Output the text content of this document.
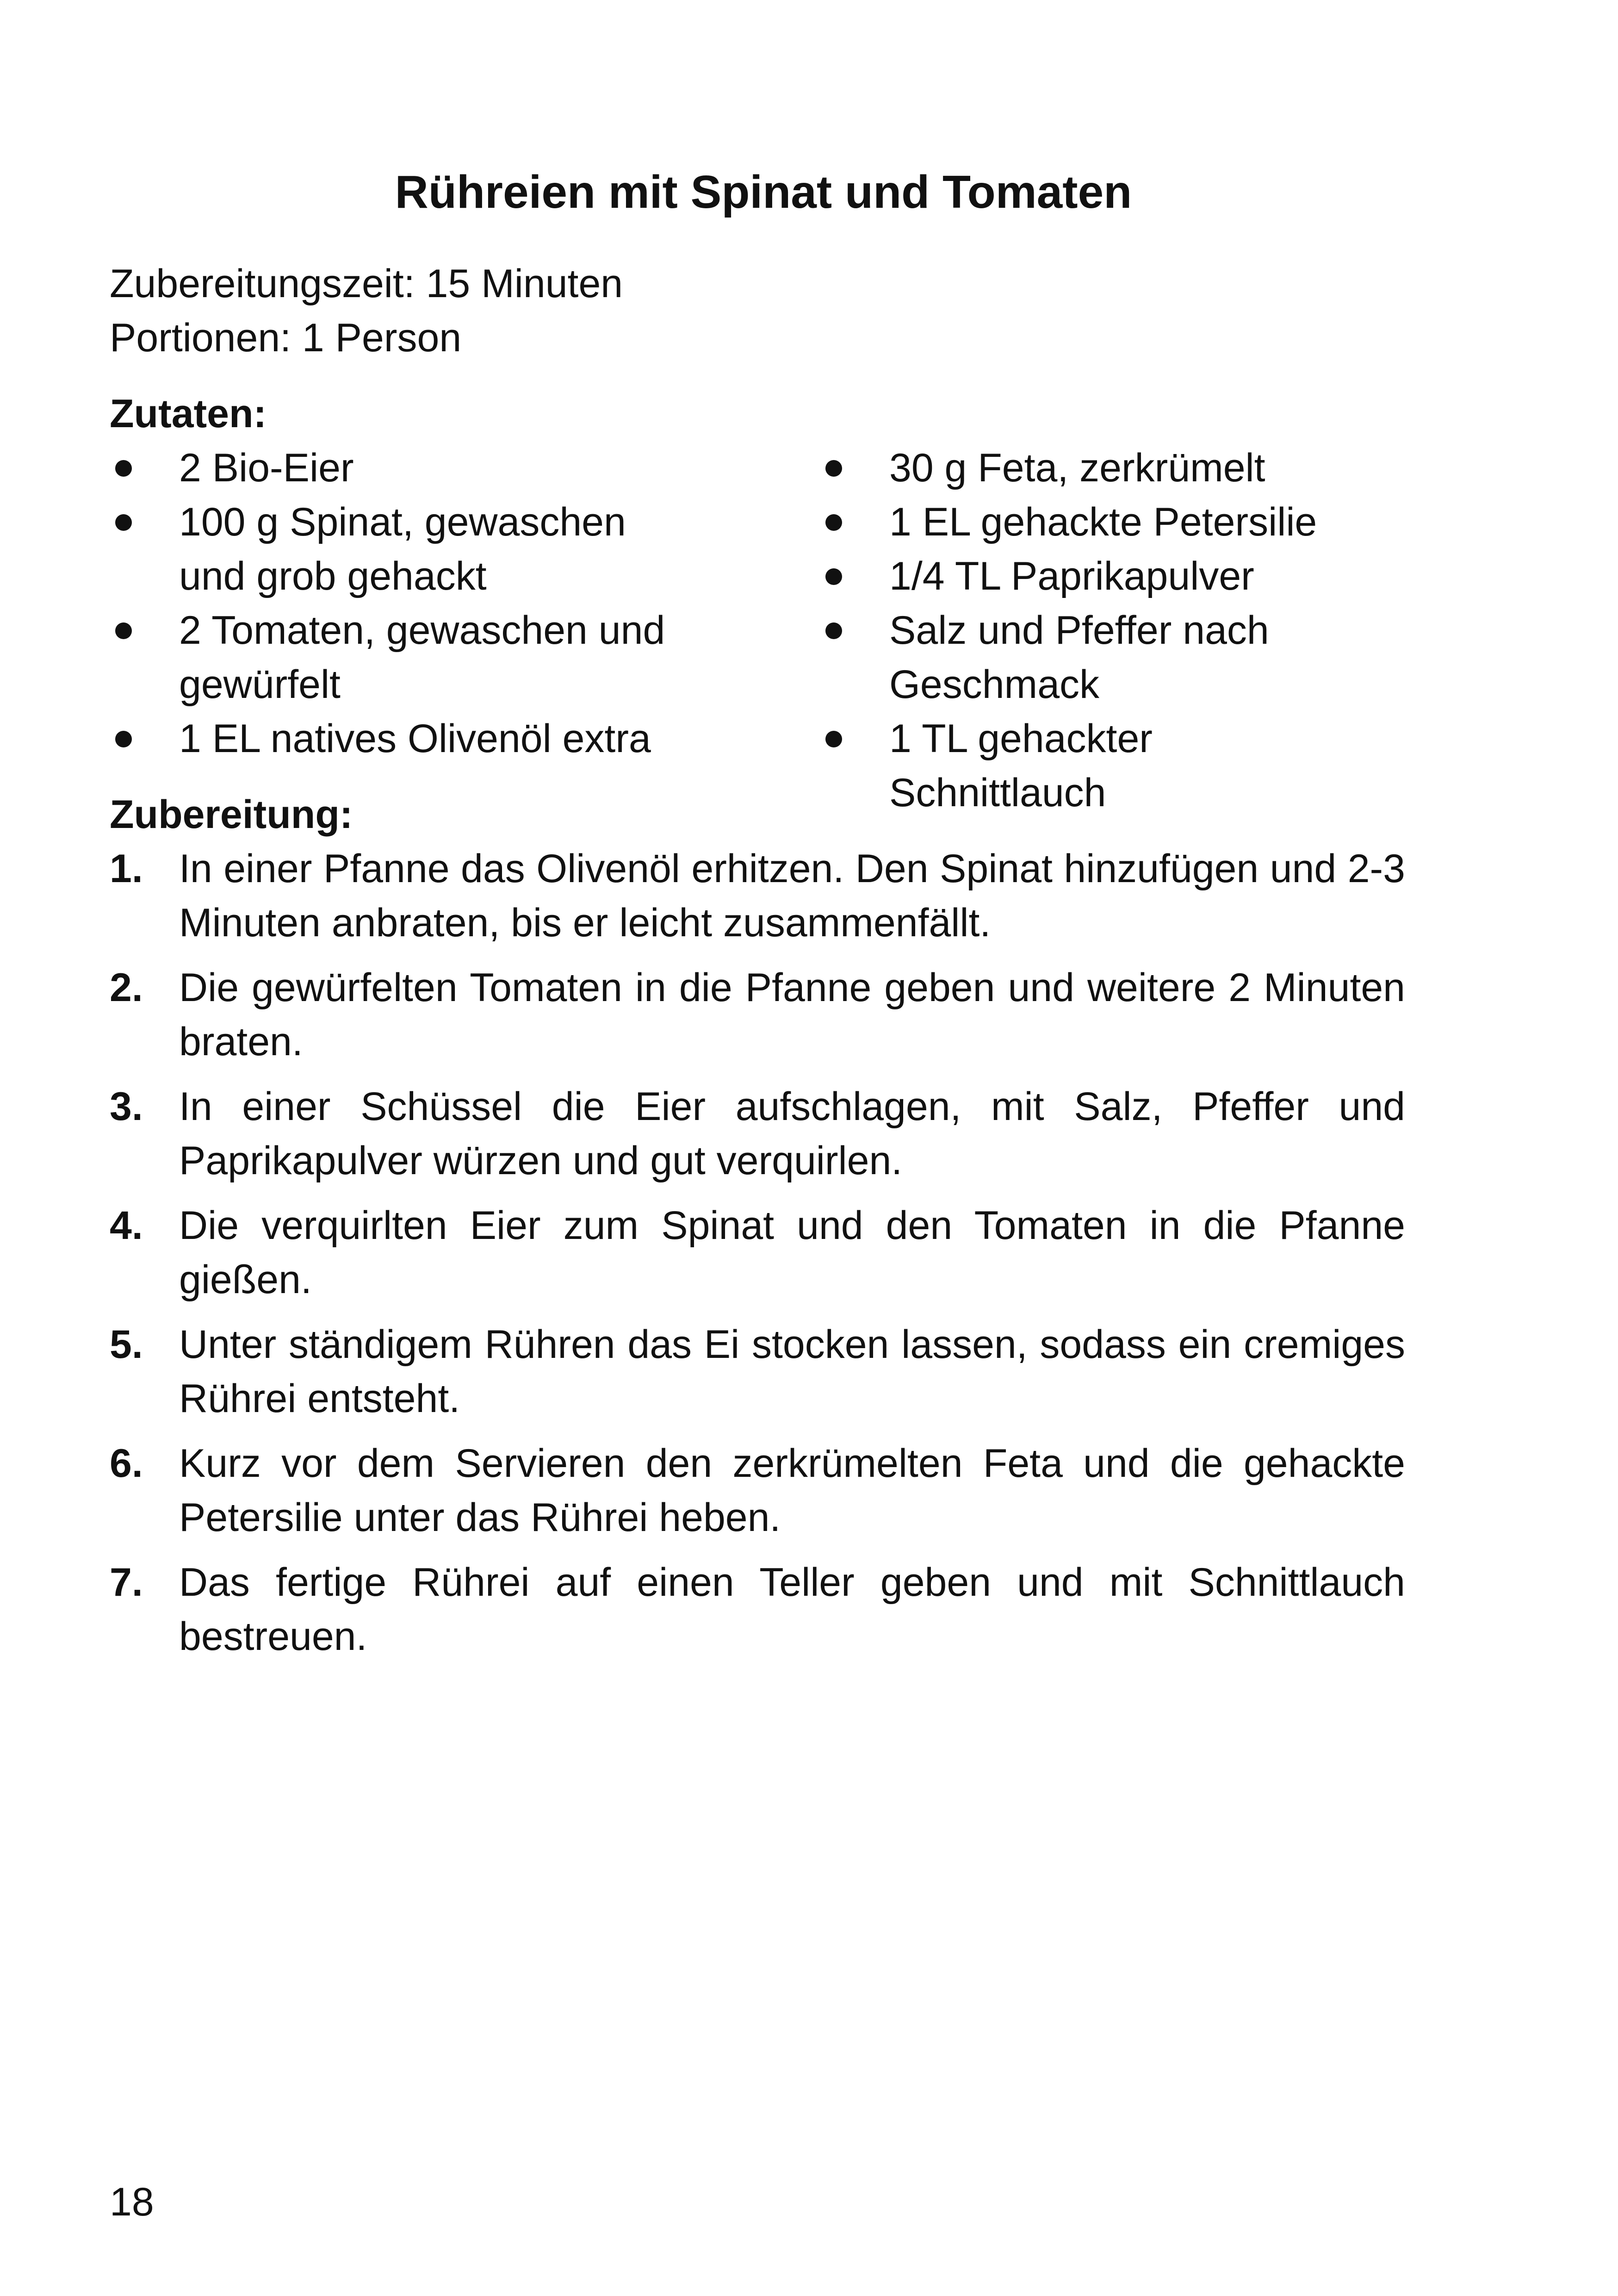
Rühreien mit Spinat und Tomaten
Zubereitungszeit: 15 Minuten
Portionen: 1 Person
Zutaten:
2 Bio-Eier
100 g Spinat, gewaschen und grob gehackt
2 Tomaten, gewaschen und gewürfelt
1 EL natives Olivenöl extra
30 g Feta, zerkrümelt
1 EL gehackte Petersilie
1/4 TL Paprikapulver
Salz und Pfeffer nach Geschmack
1 TL gehackter Schnittlauch
Zubereitung:
1. In einer Pfanne das Olivenöl erhitzen. Den Spinat hinzufügen und 2-3 Minuten anbraten, bis er leicht zusammenfällt.
2. Die gewürfelten Tomaten in die Pfanne geben und weitere 2 Minuten braten.
3. In einer Schüssel die Eier aufschlagen, mit Salz, Pfeffer und Paprikapulver würzen und gut verquirlen.
4. Die verquirlten Eier zum Spinat und den Tomaten in die Pfanne gießen.
5. Unter ständigem Rühren das Ei stocken lassen, sodass ein cremiges Rührei entsteht.
6. Kurz vor dem Servieren den zerkrümelten Feta und die gehackte Petersilie unter das Rührei heben.
7. Das fertige Rührei auf einen Teller geben und mit Schnittlauch bestreuen.
18
